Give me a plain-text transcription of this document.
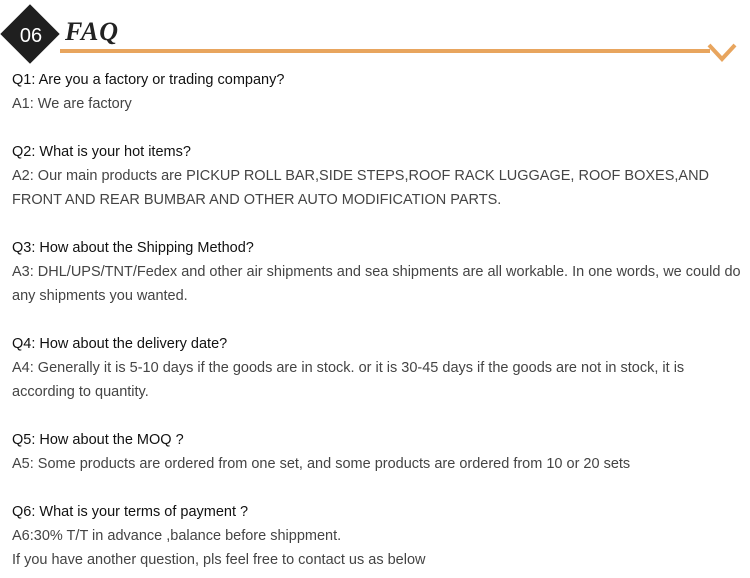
06 FAQ

Q1: Are you a factory or trading company?

A1: We are factory

Q2: What is your hot items?

A2: Our main products are PICKUP ROLL BAR,SIDE STEPS,ROOF RACK LUGGAGE, ROOF BOXES,AND FRONT AND REAR BUMBAR AND OTHER AUTO MODIFICATION PARTS.

Q3: How about the Shipping Method?

A3: DHL/UPS/TNT/Fedex and other air shipments and sea shipments are all workable. In one words, we could do any shipments you wanted.

Q4: How about the delivery date?

A4: Generally it is 5-10 days if the goods are in stock. or it is 30-45 days if the goods are not in stock, it is according to quantity.

Q5: How about the MOQ ?

A5: Some products are ordered from one set, and some products are ordered from 10 or 20 sets

Q6: What is your terms of payment ?

A6:30% T/T in advance ,balance before shippment.

If you have another question, pls feel free to contact us as below
